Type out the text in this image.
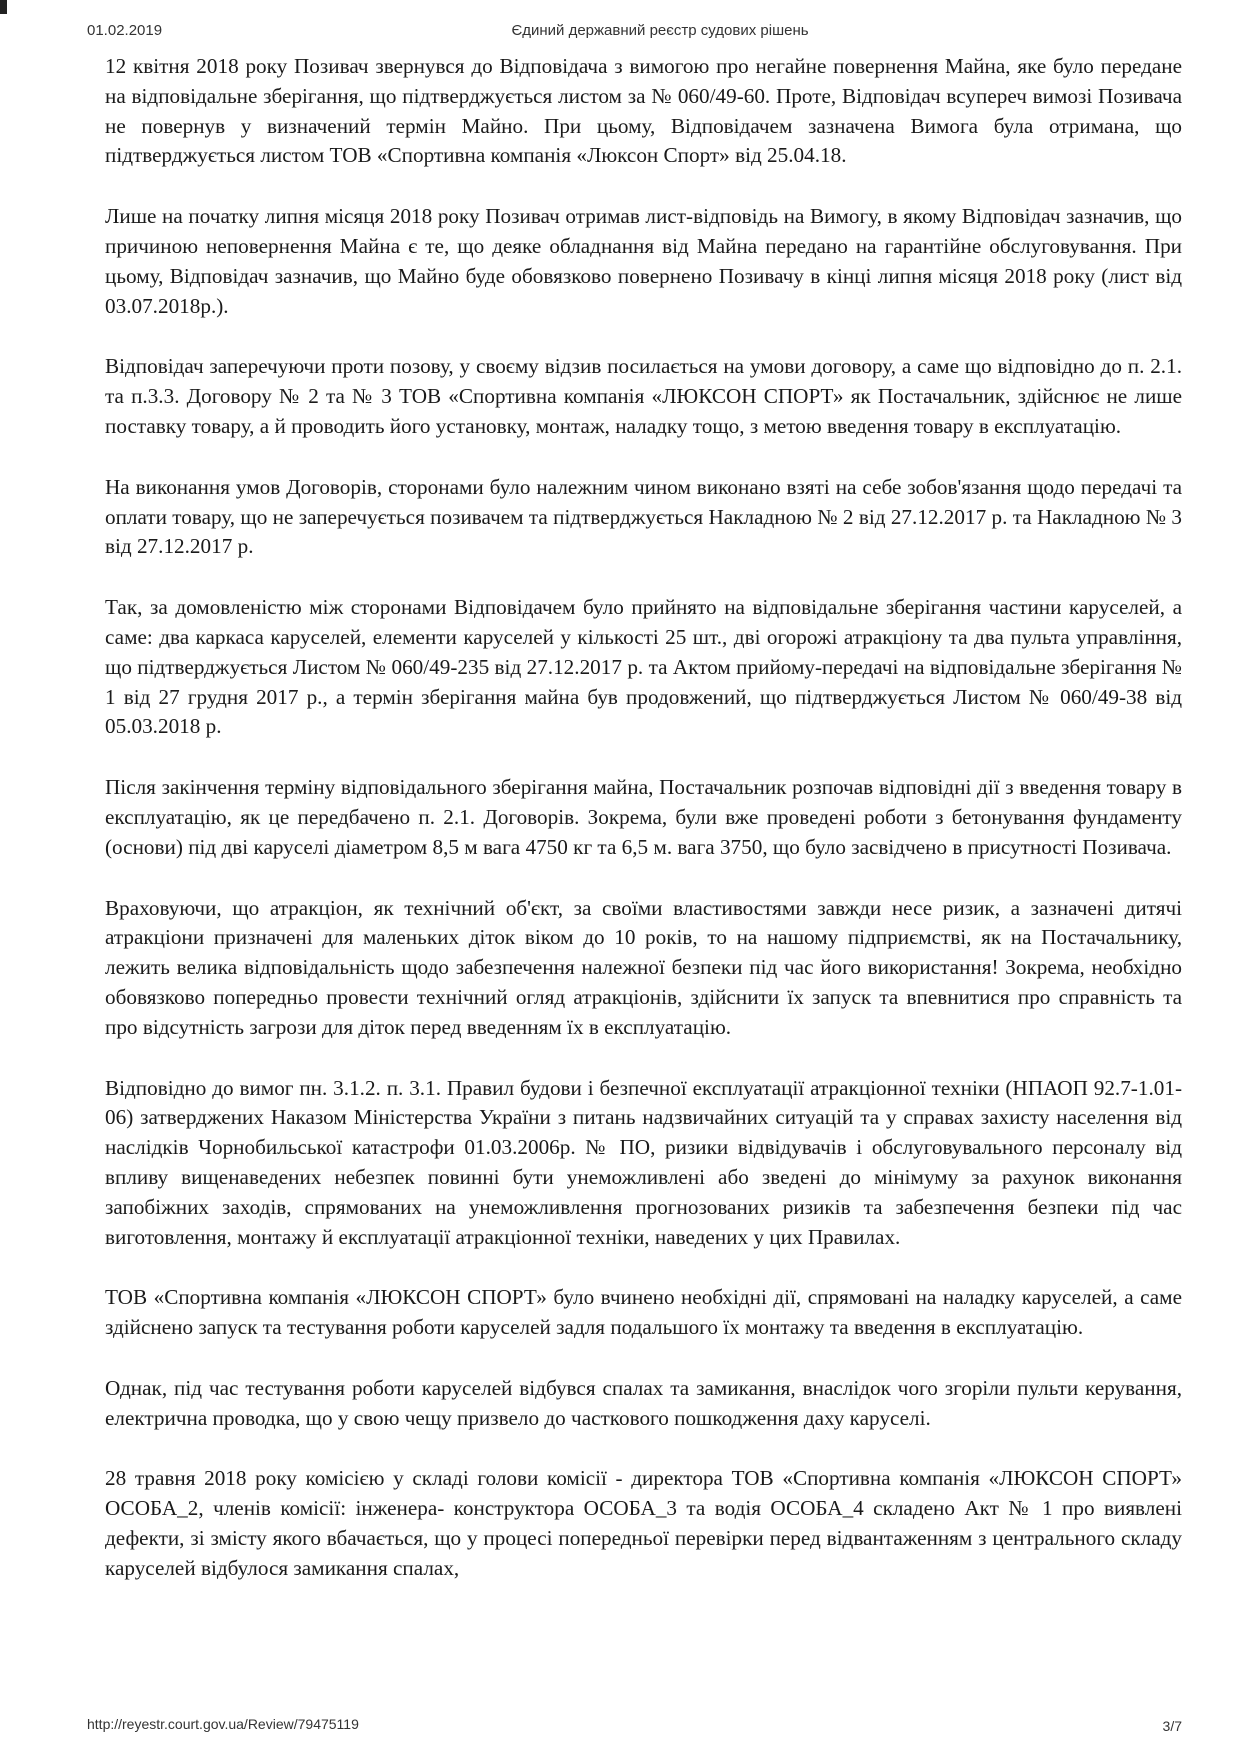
01.02.2019	Єдиний державний реєстр судових рішень

12 квітня 2018 року Позивач звернувся до Відповідача з вимогою про негайне повернення Майна, яке було передане на відповідальне зберігання, що підтверджується листом за № 060/49-60. Проте, Відповідач всупереч вимозі Позивача не повернув у визначений термін Майно. При цьому, Відповідачем зазначена Вимога була отримана, що підтверджується листом ТОВ «Спортивна компанія «Люксон Спорт» від 25.04.18.

Лише на початку липня місяця 2018 року Позивач отримав лист-відповідь на Вимогу, в якому Відповідач зазначив, що причиною неповернення Майна є те, що деяке обладнання від Майна передано на гарантійне обслуговування. При цьому, Відповідач зазначив, що Майно буде обовязково повернено Позивачу в кінці липня місяця 2018 року (лист від 03.07.2018р.).

Відповідач заперечуючи проти позову, у своєму відзив посилається на умови договору, а саме що відповідно до п. 2.1. та п.3.3. Договору № 2 та № 3 ТОВ «Спортивна компанія «ЛЮКСОН СПОРТ» як Постачальник, здійснює не лише поставку товару, а й проводить його установку, монтаж, наладку тощо, з метою введення товару в експлуатацію.

На виконання умов Договорів, сторонами було належним чином виконано взяті на себе зобов'язання щодо передачі та оплати товару, що не заперечується позивачем та підтверджується Накладною № 2 від 27.12.2017 р. та Накладною № 3 від 27.12.2017 р.

Так, за домовленістю між сторонами Відповідачем було прийнято на відповідальне зберігання частини каруселей, а саме: два каркаса каруселей, елементи каруселей у кількості 25 шт., дві огорожі атракціону та два пульта управління, що підтверджується Листом № 060/49-235 від 27.12.2017 р. та Актом прийому-передачі на відповідальне зберігання № 1 від 27 грудня 2017 р., а термін зберігання майна був продовжений, що підтверджується Листом № 060/49-38 від 05.03.2018 р.

Після закінчення терміну відповідального зберігання майна, Постачальник розпочав відповідні дії з введення товару в експлуатацію, як це передбачено п. 2.1. Договорів. Зокрема, були вже проведені роботи з бетонування фундаменту (основи) під дві каруселі діаметром 8,5 м вага 4750 кг та 6,5 м. вага 3750, що було засвідчено в присутності Позивача.

Враховуючи, що атракціон, як технічний об'єкт, за своїми властивостями завжди несе ризик, а зазначені дитячі атракціони призначені для маленьких діток віком до 10 років, то на нашому підприємстві, як на Постачальнику, лежить велика відповідальність щодо забезпечення належної безпеки під час його використання! Зокрема, необхідно обовязково попередньо провести технічний огляд атракціонів, здійснити їх запуск та впевнитися про справність та про відсутність загрози для діток перед введенням їх в експлуатацію.

Відповідно до вимог пн. 3.1.2. п. 3.1. Правил будови і безпечної експлуатації атракціонної техніки (НПАОП 92.7-1.01-06) затверджених Наказом Міністерства України з питань надзвичайних ситуацій та у справах захисту населення від наслідків Чорнобильської катастрофи 01.03.2006р. № ПО, ризики відвідувачів і обслуговувального персоналу від впливу вищенаведених небезпек повинні бути унеможливлені або зведені до мінімуму за рахунок виконання запобіжних заходів, спрямованих на унеможливлення прогнозованих ризиків та забезпечення безпеки під час виготовлення, монтажу й експлуатації атракціонної техніки, наведених у цих Правилах.

ТОВ «Спортивна компанія «ЛЮКСОН СПОРТ» було вчинено необхідні дії, спрямовані на наладку каруселей, а саме здійснено запуск та тестування роботи каруселей задля подальшого їх монтажу та введення в експлуатацію.

Однак, під час тестування роботи каруселей відбувся спалах та замикання, внаслідок чого згоріли пульти керування, електрична проводка, що у свою чещу призвело до часткового пошкодження даху каруселі.

28 травня 2018 року комісією у складі голови комісії - директора ТОВ «Спортивна компанія «ЛЮКСОН СПОРТ» ОСОБА_2, членів комісії: інженера- конструктора ОСОБА_3 та водія ОСОБА_4 складено Акт № 1 про виявлені дефекти, зі змісту якого вбачається, що у процесі попередньої перевірки перед відвантаженням з центрального складу каруселей відбулося замикання спалах,

http://reyestr.court.gov.ua/Review/79475119	3/7
